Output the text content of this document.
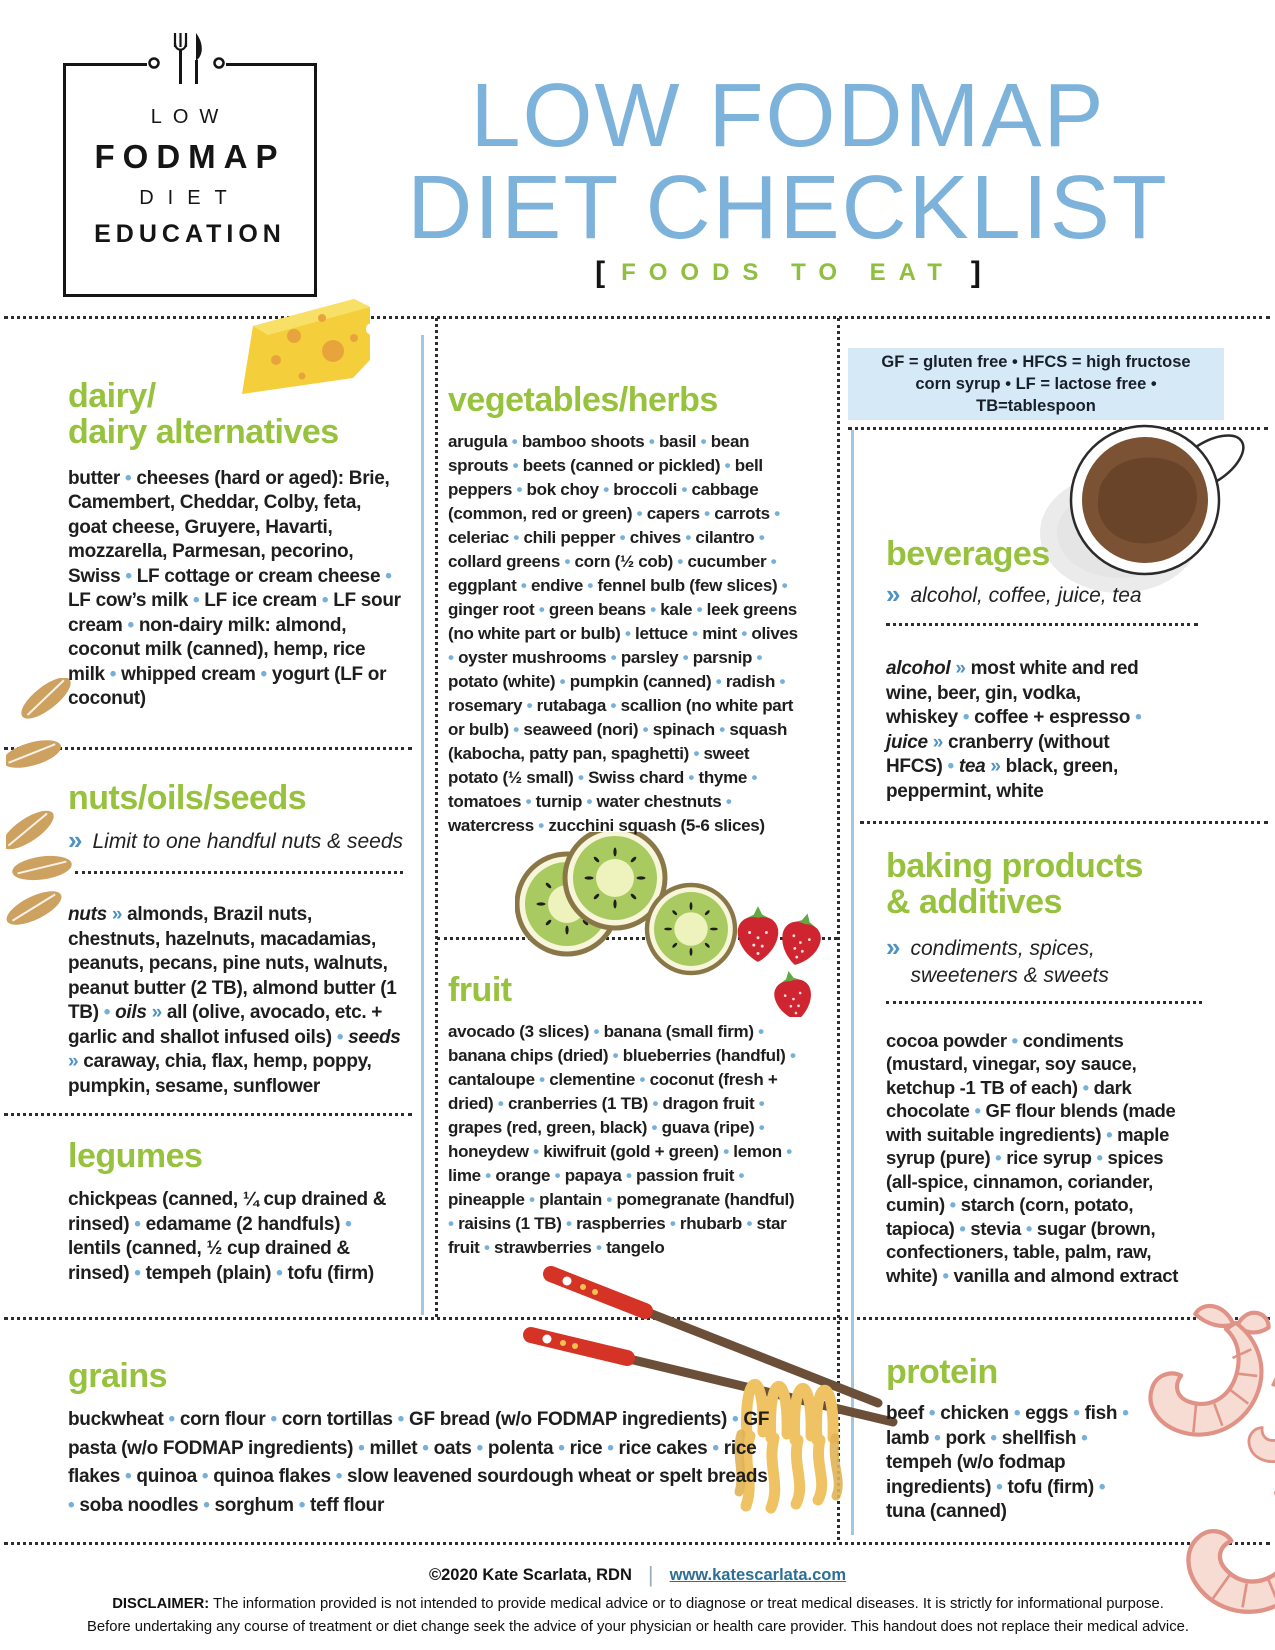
LOW
FODMAP
DIET
EDUCATION
LOW FODMAP
DIET CHECKLIST
[ FOODS TO EAT ]
dairy/
dairy alternatives
butter • cheeses (hard or aged): Brie, Camembert, Cheddar, Colby, feta, goat cheese, Gruyere, Havarti, mozzarella, Parmesan, pecorino, Swiss • LF cottage or cream cheese • LF cow’s milk • LF ice cream • LF sour cream • non-dairy milk: almond, coconut milk (canned), hemp, rice milk • whipped cream • yogurt (LF or coconut)
nuts/oils/seeds
» Limit to one handful nuts & seeds
nuts » almonds, Brazil nuts, chestnuts, hazelnuts, macadamias, peanuts, pecans, pine nuts, walnuts, peanut butter (2 TB), almond butter (1 TB) • oils » all (olive, avocado, etc. + garlic and shallot infused oils) • seeds » caraway, chia, flax, hemp, poppy, pumpkin, sesame, sunflower
legumes
chickpeas (canned, ¼ cup drained & rinsed) • edamame (2 handfuls) • lentils (canned, ½ cup drained & rinsed) • tempeh (plain) • tofu (firm)
vegetables/herbs
arugula • bamboo shoots • basil • bean sprouts • beets (canned or pickled) • bell peppers • bok choy • broccoli • cabbage (common, red or green) • capers • carrots • celeriac • chili pepper • chives • cilantro • collard greens • corn (½ cob) • cucumber • eggplant • endive • fennel bulb (few slices) • ginger root • green beans • kale • leek greens (no white part or bulb) • lettuce • mint • olives • oyster mushrooms • parsley • parsnip • potato (white) • pumpkin (canned) • radish • rosemary • rutabaga • scallion (no white part or bulb) • seaweed (nori) • spinach • squash (kabocha, patty pan, spaghetti) • sweet potato (½ small) • Swiss chard • thyme • tomatoes • turnip • water chestnuts • watercress • zucchini squash (5-6 slices)
fruit
avocado (3 slices) • banana (small firm) • banana chips (dried) • blueberries (handful) • cantaloupe • clementine • coconut (fresh + dried) • cranberries (1 TB) • dragon fruit • grapes (red, green, black) • guava (ripe) • honeydew • kiwifruit (gold + green) • lemon • lime • orange • papaya • passion fruit • pineapple • plantain • pomegranate (handful) • raisins (1 TB) • raspberries • rhubarb • star fruit • strawberries • tangelo
GF = gluten free • HFCS = high fructose corn syrup • LF = lactose free • TB=tablespoon
beverages
» alcohol, coffee, juice, tea
alcohol » most white and red wine, beer, gin, vodka, whiskey • coffee + espresso • juice » cranberry (without HFCS) • tea » black, green, peppermint, white
baking products
& additives
» condiments, spices, sweeteners & sweets
cocoa powder • condiments (mustard, vinegar, soy sauce, ketchup -1 TB of each) • dark chocolate • GF flour blends (made with suitable ingredients) • maple syrup (pure) • rice syrup • spices (all-spice, cinnamon, coriander, cumin) • starch (corn, potato, tapioca) • stevia • sugar (brown, confectioners, table, palm, raw, white) • vanilla and almond extract
grains
buckwheat • corn flour • corn tortillas • GF bread (w/o FODMAP ingredients) • GF pasta (w/o FODMAP ingredients) • millet • oats • polenta • rice • rice cakes • rice flakes • quinoa • quinoa flakes • slow leavened sourdough wheat or spelt breads • soba noodles • sorghum • teff flour
protein
beef • chicken • eggs • fish • lamb • pork • shellfish • tempeh (w/o fodmap ingredients) • tofu (firm) • tuna (canned)
©2020 Kate Scarlata, RDN | www.katescarlata.com
DISCLAIMER: The information provided is not intended to provide medical advice or to diagnose or treat medical diseases. It is strictly for informational purpose.
Before undertaking any course of treatment or diet change seek the advice of your physician or health care provider. This handout does not replace their medical advice.
